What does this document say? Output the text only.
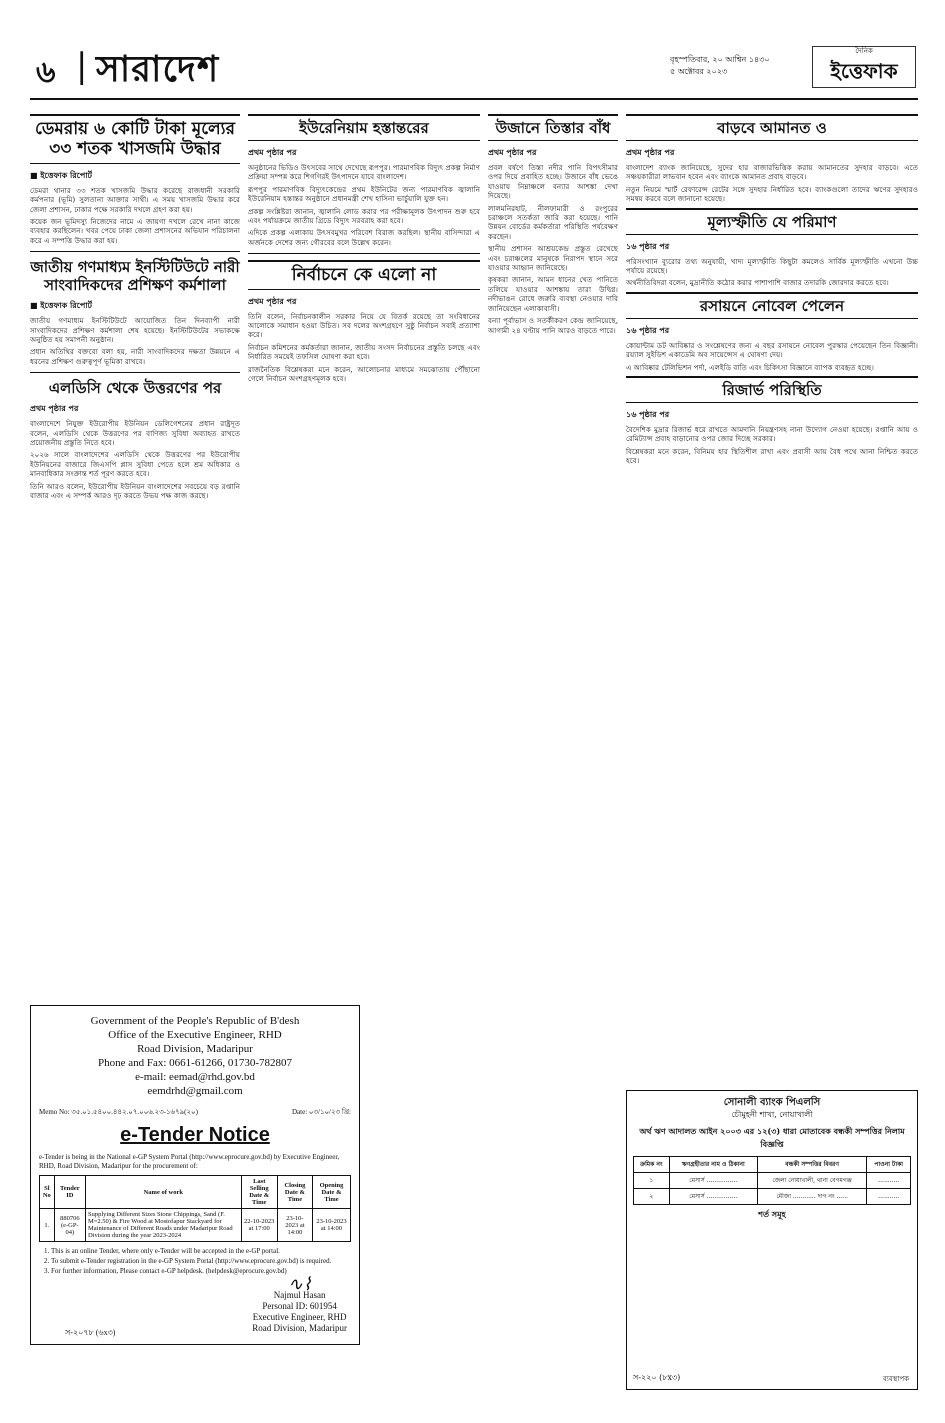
৬ | সারাদেশ	বৃহস্পতিবার, ২০ আশ্বিন ১৪৩০
৫ অক্টোবর ২০২৩
দৈনিক
ইত্তেফাক
ডেমরায় ৬ কোটি টাকা মূল্যের ৩৩ শতক খাসজমি উদ্ধার
■ ইত্তেফাক রিপোর্ট

ডেমরা থানার ৩৩ শতক খাসজমি উদ্ধার করেছে রাজধানী সরকারি কর্মপনার (ভূমি) সুলতানা আক্তার সাথী। এ সময় খাসজমি উদ্ধার করে জেলা প্রশাসন, ঢাকার পক্ষে সরকারি দখলে গ্রহণ করা হয়।

কয়েক জন ভূমিদস্যু নিজেদের নামে এ জায়গা দখলে রেখে নানা কাজে ব্যবহার করছিলেন। খবর পেয়ে ঢাকা জেলা প্রশাসনের অভিযান পরিচালনা করে এ সম্পত্তি উদ্ধার করা হয়।

জাতীয় গণমাধ্যম ইনস্টিটিউটে নারী সাংবাদিকদের প্রশিক্ষণ কর্মশালা
■ ইত্তেফাক রিপোর্ট

জাতীয় গণমাধ্যম ইনস্টিটিউটে আয়োজিত তিন দিনব্যাপী নারী সাংবাদিকদের প্রশিক্ষণ কর্মশালা শেষ হয়েছে। ইনস্টিটিউটের সভাকক্ষে অনুষ্ঠিত হয় সমাপনী অনুষ্ঠান।

প্রধান অতিথির বক্তব্যে বলা হয়, নারী সাংবাদিকদের দক্ষতা উন্নয়নে এ ধরনের প্রশিক্ষণ গুরুত্বপূর্ণ ভূমিকা রাখবে।

এলডিসি থেকে উত্তরণের পর
প্রথম পৃষ্ঠার পর

বাংলাদেশে নিযুক্ত ইউরোপীয় ইউনিয়ন ডেলিগেশনের প্রধান রাষ্ট্রদূত বলেন, এলডিসি থেকে উত্তরণের পর বাণিজ্য সুবিধা অব্যাহত রাখতে প্রয়োজনীয় প্রস্তুতি নিতে হবে।

২০২৬ সালে বাংলাদেশের এলডিসি থেকে উত্তরণের পর ইউরোপীয় ইউনিয়নের বাজারে জিএসপি প্লাস সুবিধা পেতে হলে শ্রম অধিকার ও মানবাধিকার সংক্রান্ত শর্ত পূরণ করতে হবে।

তিনি আরও বলেন, ইউরোপীয় ইউনিয়ন বাংলাদেশের সবচেয়ে বড় রপ্তানি বাজার এবং এ সম্পর্ক আরও দৃঢ় করতে উভয় পক্ষ কাজ করছে।

ইউরেনিয়াম হস্তান্তরের
প্রথম পৃষ্ঠার পর

অনুষ্ঠানের ভিডিও উৎসবের সাথে দেখেছে রূপপুর। পারমাণবিক বিদ্যুৎ প্রকল্প নির্মাণ প্রক্রিয়া সম্পন্ন করে শিগগিরই উৎপাদনে যাবে বাংলাদেশ।

রূপপুর পারমাণবিক বিদ্যুৎকেন্দ্রের প্রথম ইউনিটের জন্য পারমাণবিক জ্বালানি ইউরেনিয়াম হস্তান্তর অনুষ্ঠানে প্রধানমন্ত্রী শেখ হাসিনা ভার্চুয়ালি যুক্ত হন।

প্রকল্প সংশ্লিষ্টরা জানান, জ্বালানি লোড করার পর পরীক্ষামূলক উৎপাদন শুরু হবে এবং পর্যায়ক্রমে জাতীয় গ্রিডে বিদ্যুৎ সরবরাহ করা হবে।

এদিকে প্রকল্প এলাকায় উৎসবমুখর পরিবেশ বিরাজ করছিল। স্থানীয় বাসিন্দারা এ অর্জনকে দেশের জন্য গৌরবের বলে উল্লেখ করেন।

নির্বাচনে কে এলো না
প্রথম পৃষ্ঠার পর

তিনি বলেন, নির্বাচনকালীন সরকার নিয়ে যে বিতর্ক রয়েছে তা সংবিধানের আলোকে সমাধান হওয়া উচিত। সব দলের অংশগ্রহণে সুষ্ঠু নির্বাচন সবাই প্রত্যাশা করে।

নির্বাচন কমিশনের কর্মকর্তারা জানান, জাতীয় সংসদ নির্বাচনের প্রস্তুতি চলছে এবং নির্ধারিত সময়েই তফসিল ঘোষণা করা হবে।

রাজনৈতিক বিশ্লেষকরা মনে করেন, আলোচনার মাধ্যমে সমঝোতায় পৌঁছানো গেলে নির্বাচন অংশগ্রহণমূলক হবে।

উজানে তিস্তার বাঁধ
প্রথম পৃষ্ঠার পর

প্রবল বর্ষণে তিস্তা নদীর পানি বিপৎসীমার ওপর দিয়ে প্রবাহিত হচ্ছে। উজানে বাঁধ ভেঙে যাওয়ায় নিম্নাঞ্চলে বন্যার আশঙ্কা দেখা দিয়েছে।

লালমনিরহাট, নীলফামারী ও রংপুরের চরাঞ্চলে সতর্কতা জারি করা হয়েছে। পানি উন্নয়ন বোর্ডের কর্মকর্তারা পরিস্থিতি পর্যবেক্ষণ করছেন।

স্থানীয় প্রশাসন আশ্রয়কেন্দ্র প্রস্তুত রেখেছে এবং চরাঞ্চলের মানুষকে নিরাপদ স্থানে সরে যাওয়ার আহ্বান জানিয়েছে।

কৃষকরা জানান, আমন ধানের খেত পানিতে তলিয়ে যাওয়ার আশঙ্কায় তারা উদ্বিগ্ন। নদীভাঙন রোধে জরুরি ব্যবস্থা নেওয়ার দাবি জানিয়েছেন এলাকাবাসী।

বন্যা পূর্বাভাস ও সতর্কীকরণ কেন্দ্র জানিয়েছে, আগামী ২৪ ঘণ্টায় পানি আরও বাড়তে পারে।

বাড়বে আমানত ও
প্রথম পৃষ্ঠার পর

বাংলাদেশ ব্যাংক জানিয়েছে, সুদের হার বাজারভিত্তিক করায় আমানতের সুদহার বাড়বে। এতে সঞ্চয়কারীরা লাভবান হবেন এবং ব্যাংকে আমানত প্রবাহ বাড়বে।

নতুন নিয়মে স্মার্ট রেফারেন্স রেটের সঙ্গে সুদহার নির্ধারিত হবে। ব্যাংকগুলো তাদের ঋণের সুদহারও সমন্বয় করবে বলে জানানো হয়েছে।

মূল্যস্ফীতি যে পরিমাণ
১৬ পৃষ্ঠার পর

পরিসংখ্যান ব্যুরোর তথ্য অনুযায়ী, খাদ্য মূল্যস্ফীতি কিছুটা কমলেও সার্বিক মূল্যস্ফীতি এখনো উচ্চ পর্যায়ে রয়েছে।

অর্থনীতিবিদরা বলেন, মুদ্রানীতি কঠোর করার পাশাপাশি বাজার তদারকি জোরদার করতে হবে।

রসায়নে নোবেল পেলেন
১৬ পৃষ্ঠার পর

কোয়ান্টাম ডট আবিষ্কার ও সংশ্লেষণের জন্য এ বছর রসায়নে নোবেল পুরস্কার পেয়েছেন তিন বিজ্ঞানী। রয়্যাল সুইডিশ একাডেমি অব সায়েন্সেস এ ঘোষণা দেয়।

এ আবিষ্কার টেলিভিশন পর্দা, এলইডি বাতি এবং চিকিৎসা বিজ্ঞানে ব্যাপক ব্যবহৃত হচ্ছে।

রিজার্ভ পরিস্থিতি
১৬ পৃষ্ঠার পর

বৈদেশিক মুদ্রার রিজার্ভ ধরে রাখতে আমদানি নিয়ন্ত্রণসহ নানা উদ্যোগ নেওয়া হয়েছে। রপ্তানি আয় ও রেমিট্যান্স প্রবাহ বাড়ানোর ওপর জোর দিচ্ছে সরকার।

বিশ্লেষকরা মনে করেন, বিনিময় হার স্থিতিশীল রাখা এবং প্রবাসী আয় বৈধ পথে আনা নিশ্চিত করতে হবে।

Government of the People's Republic of B'desh
Office of the Executive Engineer, RHD
Road Division, Madaripur
Phone and Fax: 0661-61266, 01730-782807
e-mail: eemad@rhd.gov.bd
eemdrhd@gmail.com
Memo No: ৩৫.০১.৫৪০০.৪৪২.০৭.০০৬.২৩-১৬৭৯(২০)	Date: ০৩/১০/২৩ খ্রি:
e-Tender Notice
e-Tender is being in the National e-GP System Portal (http://www.eprocure.gov.bd) by Executive Engineer, RHD, Road Division, Madaripur for the procurement of:
Sl No	Tender ID	Name of work	Last Selling Date & Time	Closing Date & Time	Opening Date & Time
1.	880706 (e-GP-04)	Supplying Different Sizes Stone Chippings, Sand (F. M=2.50) & Fire Wood at Mostofapur Stackyard for Maintenance of Different Roads under Madaripur Road Division during the year 2023-2024	22-10-2023 at 17:00	23-10-2023 at 14:00	23-10-2023 at 14:00
1. This is an online Tender, where only e-Tender will be accepted in the e-GP portal.
2. To submit e-Tender registration in the e-GP System Portal (http://www.eprocure.gov.bd) is required.
3. For further information, Please contact e-GP helpdesk. (helpdesk@eprocure.gov.bd)
∿⌇
Najmul Hasan
Personal ID: 601954
Executive Engineer, RHD
Road Division, Madaripur
স-২০৭৮ (৬x৩)
সোনালী ব্যাংক পিএলসি
চৌমুহনী শাখা, নোয়াখালী
অর্থ ঋণ আদালত আইন ২০০৩ এর ১২(৩) ধারা মোতাবেক বন্ধকী সম্পত্তির নিলাম বিজ্ঞপ্তি
ক্রমিক নং	ঋণগ্রহীতার নাম ও ঠিকানা	বন্ধকী সম্পত্তির বিবরণ	পাওনা টাকা
১	মেসার্স ................	জেলা নোয়াখালী, থানা বেগমগঞ্জ	...........
২	মেসার্স ................	মৌজা ............ দাগ নং ......	...........
শর্ত সমূহ
স-২২০ (৮x৩)	ব্যবস্থাপক
